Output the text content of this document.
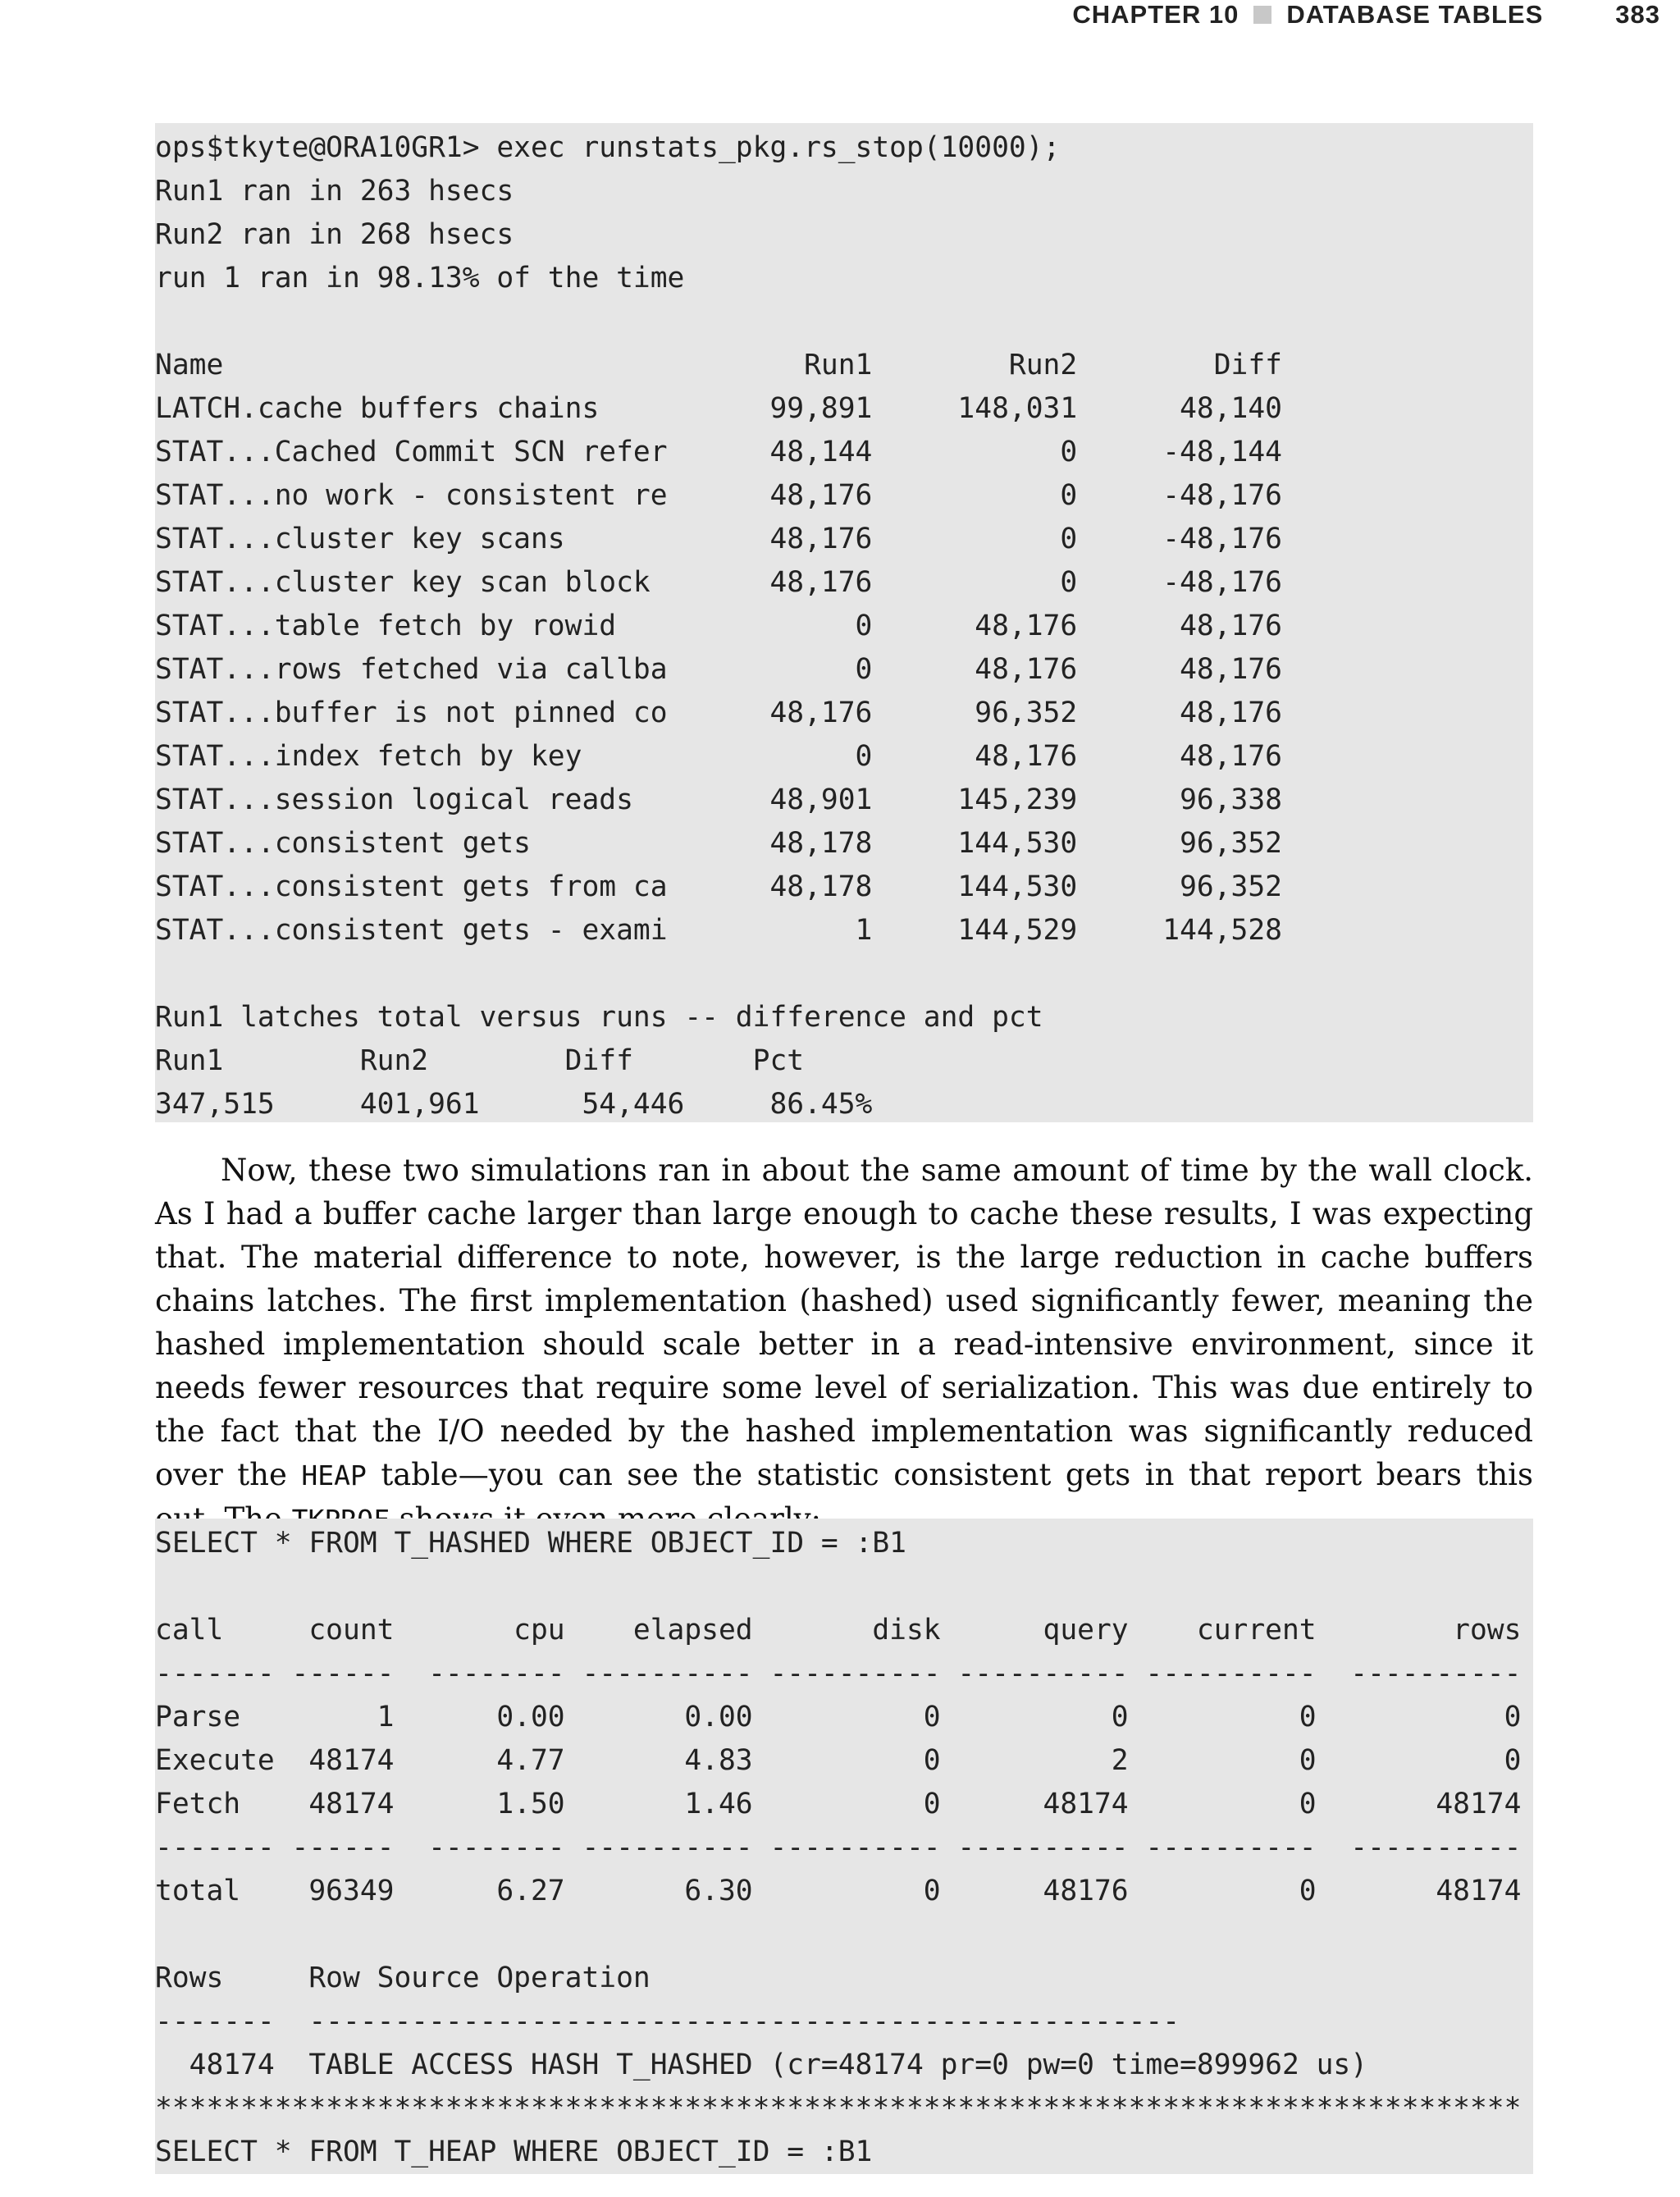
CHAPTER 10 DATABASE TABLES	383
ops$tkyte@ORA10GR1> exec runstats_pkg.rs_stop(10000);
Run1 ran in 263 hsecs
Run2 ran in 268 hsecs
run 1 ran in 98.13% of the time
Name                                  Run1        Run2        Diff
LATCH.cache buffers chains          99,891     148,031      48,140
STAT...Cached Commit SCN refer      48,144           0     -48,144
STAT...no work - consistent re      48,176           0     -48,176
STAT...cluster key scans            48,176           0     -48,176
STAT...cluster key scan block       48,176           0     -48,176
STAT...table fetch by rowid              0      48,176      48,176
STAT...rows fetched via callba           0      48,176      48,176
STAT...buffer is not pinned co      48,176      96,352      48,176
STAT...index fetch by key                0      48,176      48,176
STAT...session logical reads        48,901     145,239      96,338
STAT...consistent gets              48,178     144,530      96,352
STAT...consistent gets from ca      48,178     144,530      96,352
STAT...consistent gets - exami           1     144,529     144,528
Run1 latches total versus runs -- difference and pct
Run1        Run2        Diff       Pct
347,515     401,961      54,446     86.45%

Now, these two simulations ran in about the same amount of time by the wall clock. As I had a buffer cache larger than large enough to cache these results, I was expecting that. The material difference to note, however, is the large reduction in cache buffers chains latches. The first implementation (hashed) used significantly fewer, meaning the hashed implementation should scale better in a read-intensive environment, since it needs fewer resources that require some level of serialization. This was due entirely to the fact that the I/O needed by the hashed implementation was significantly reduced over the HEAP table—you can see the statistic consistent gets in that report bears this

SELECT * FROM T_HASHED WHERE OBJECT_ID = :B1
call     count       cpu    elapsed       disk      query    current        rows
------- ------  -------- ---------- ---------- ---------- ----------  ----------
Parse        1      0.00       0.00          0          0          0           0
Execute  48174      4.77       4.83          0          2          0           0
Fetch    48174      1.50       1.46          0      48174          0       48174
------- ------  -------- ---------- ---------- ---------- ----------  ----------
total    96349      6.27       6.30          0      48176          0       48174
Rows     Row Source Operation
-------  ---------------------------------------------------
48174  TABLE ACCESS HASH T_HASHED (cr=48174 pr=0 pw=0 time=899962 us)
********************************************************************************
SELECT * FROM T_HEAP WHERE OBJECT_ID = :B1
